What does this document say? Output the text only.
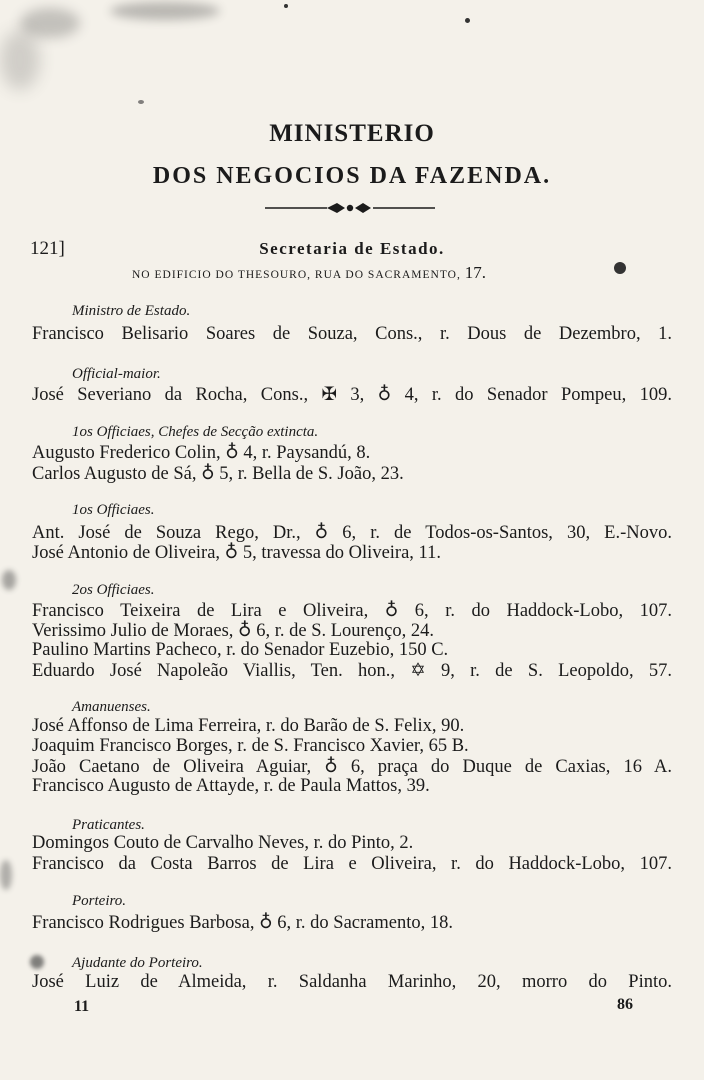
MINISTERIO
DOS NEGOCIOS DA FAZENDA.
121]	Secretaria de Estado.
NO EDIFICIO DO THESOURO, RUA DO SACRAMENTO, 17.
Ministro de Estado.
Francisco Belisario Soares de Souza, Cons., r. Dous de Dezembro, 1.
Official-maior.
José Severiano da Rocha, Cons., ✠ 3, ♁ 4, r. do Senador Pompeu, 109.
1os Officiaes, Chefes de Secção extincta.
Augusto Frederico Colin, ♁ 4, r. Paysandú, 8.
Carlos Augusto de Sá, ♁ 5, r. Bella de S. João, 23.
1os Officiaes.
Ant. José de Souza Rego, Dr., ♁ 6, r. de Todos-os-Santos, 30, E.-Novo.
José Antonio de Oliveira, ♁ 5, travessa do Oliveira, 11.
2os Officiaes.
Francisco Teixeira de Lira e Oliveira, ♁ 6, r. do Haddock-Lobo, 107.
Verissimo Julio de Moraes, ♁ 6, r. de S. Lourenço, 24.
Paulino Martins Pacheco, r. do Senador Euzebio, 150 C.
Eduardo José Napoleão Viallis, Ten. hon., ✡ 9, r. de S. Leopoldo, 57.
Amanuenses.
José Affonso de Lima Ferreira, r. do Barão de S. Felix, 90.
Joaquim Francisco Borges, r. de S. Francisco Xavier, 65 B.
João Caetano de Oliveira Aguiar, ♁ 6, praça do Duque de Caxias, 16 A.
Francisco Augusto de Attayde, r. de Paula Mattos, 39.
Praticantes.
Domingos Couto de Carvalho Neves, r. do Pinto, 2.
Francisco da Costa Barros de Lira e Oliveira, r. do Haddock-Lobo, 107.
Porteiro.
Francisco Rodrigues Barbosa, ♁ 6, r. do Sacramento, 18.
Ajudante do Porteiro.
José Luiz de Almeida, r. Saldanha Marinho, 20, morro do Pinto.
11	86
